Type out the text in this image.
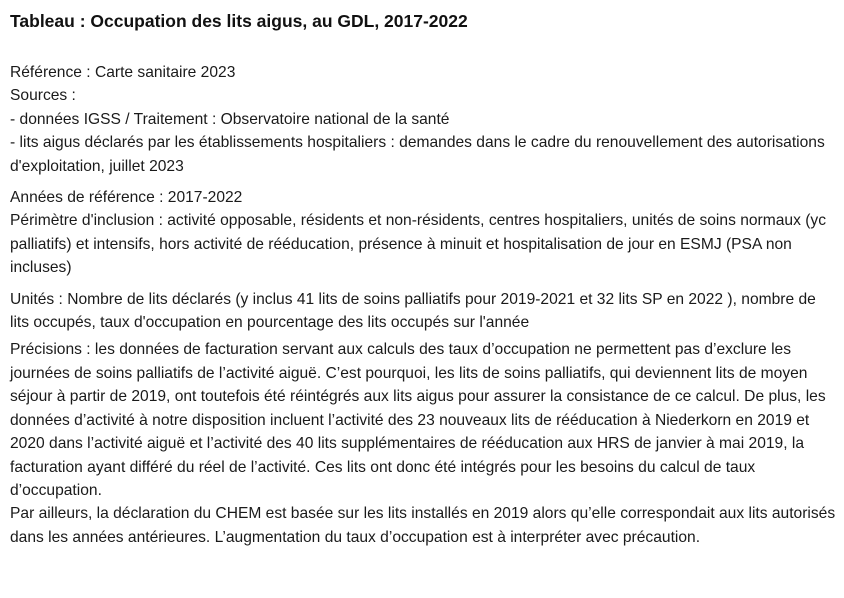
Tableau : Occupation des lits aigus, au GDL, 2017-2022

Référence : Carte sanitaire 2023

Sources :

- données IGSS / Traitement : Observatoire national de la santé

- lits aigus déclarés par les établissements hospitaliers : demandes dans le cadre du renouvellement des autorisations d'exploitation, juillet 2023

Années de référence : 2017-2022

Périmètre d'inclusion : activité opposable, résidents et non-résidents, centres hospitaliers, unités de soins normaux (yc palliatifs) et intensifs, hors activité de rééducation, présence à minuit et hospitalisation de jour en ESMJ (PSA non incluses)

Unités : Nombre de lits déclarés (y inclus 41 lits de soins palliatifs pour 2019-2021 et 32 lits SP en 2022 ), nombre de lits occupés, taux d'occupation en pourcentage des lits occupés sur l'année

Précisions : les données de facturation servant aux calculs des taux d’occupation ne permettent pas d’exclure les journées de soins palliatifs de l’activité aiguë. C’est pourquoi, les lits de soins palliatifs, qui deviennent lits de moyen séjour à partir de 2019, ont toutefois été réintégrés aux lits aigus pour assurer la consistance de ce calcul. De plus, les données d’activité à notre disposition incluent l’activité des 23 nouveaux lits de rééducation à Niederkorn en 2019 et 2020 dans l’activité aiguë et l’activité des 40 lits supplémentaires de rééducation aux HRS de janvier à mai 2019, la facturation ayant différé du réel de l’activité. Ces lits ont donc été intégrés pour les besoins du calcul de taux d’occupation.

Par ailleurs, la déclaration du CHEM est basée sur les lits installés en 2019 alors qu’elle correspondait aux lits autorisés dans les années antérieures. L’augmentation du taux d’occupation est à interpréter avec précaution.
